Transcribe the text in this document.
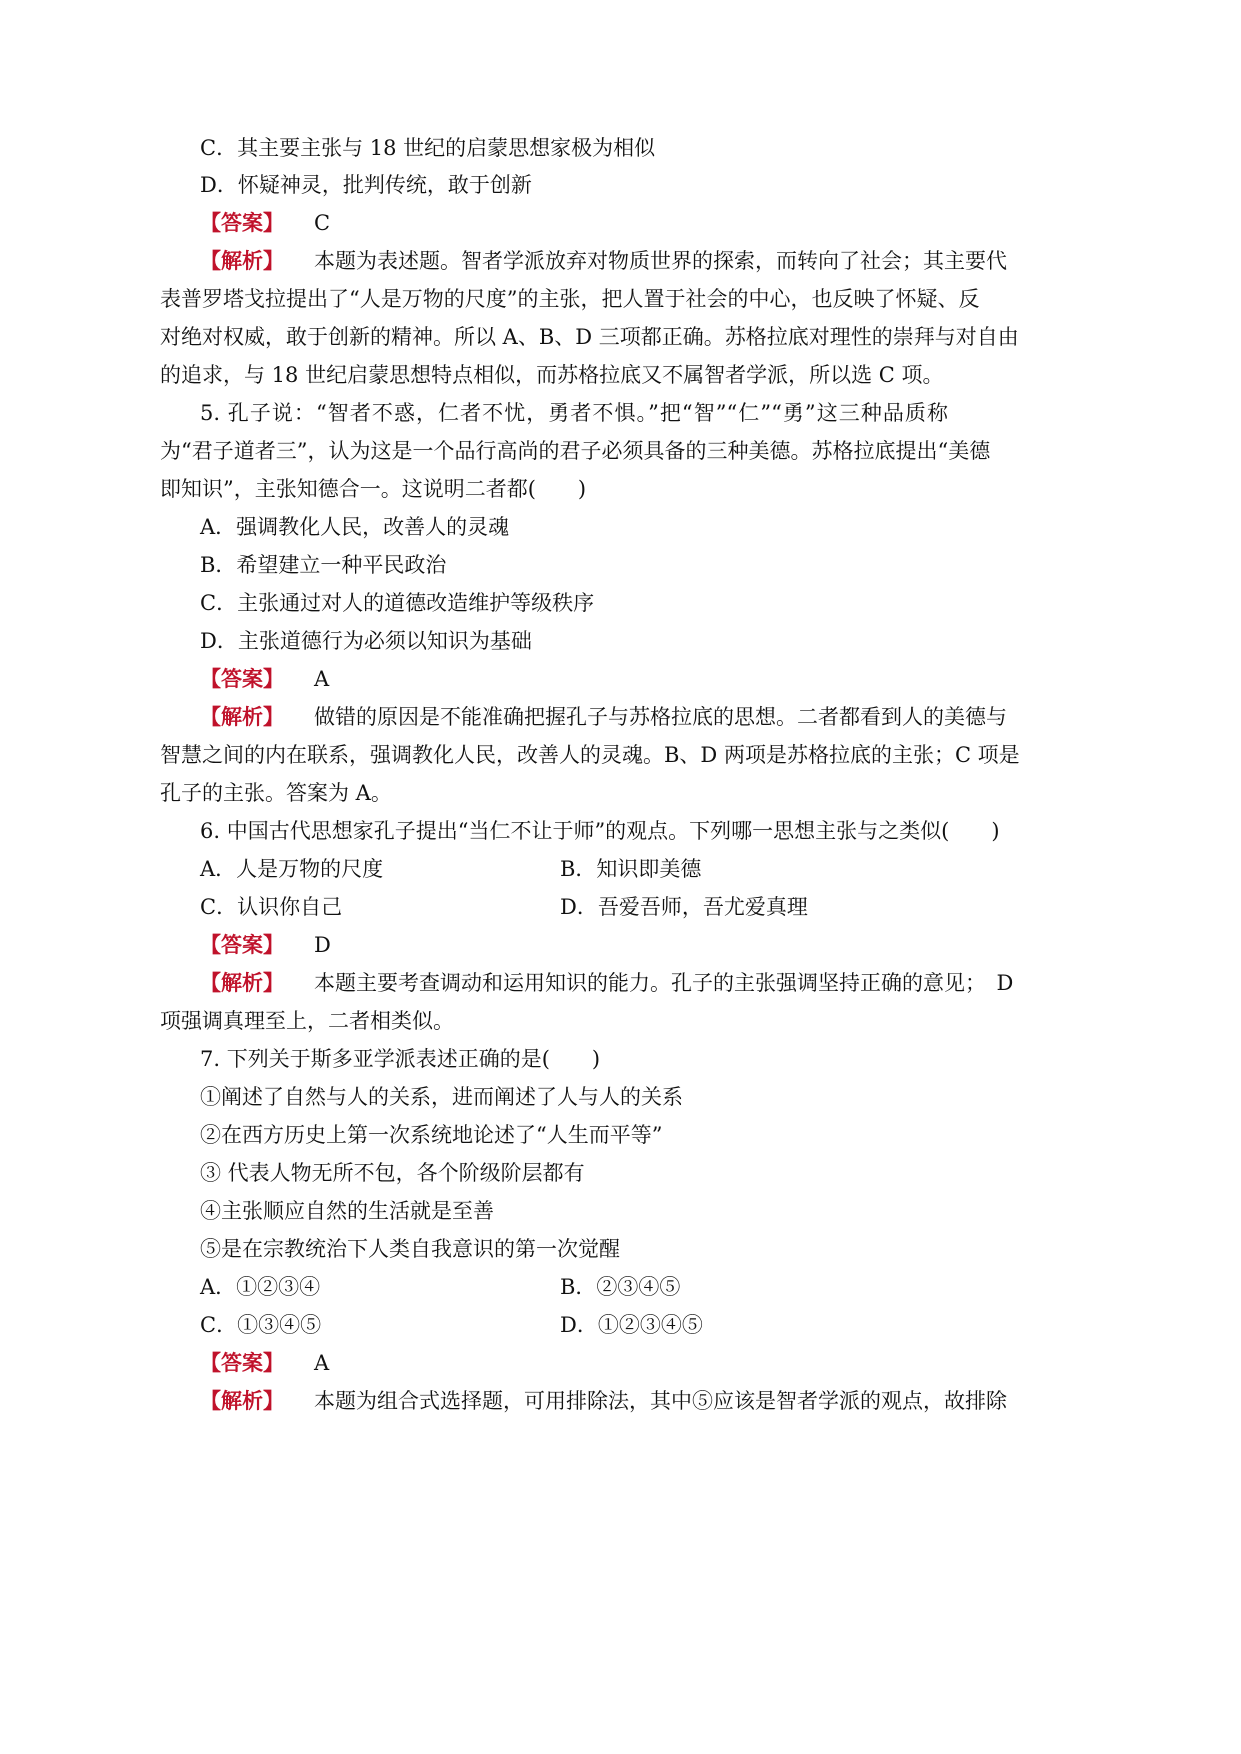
C．其主要主张与 18 世纪的启蒙思想家极为相似
D．怀疑神灵，批判传统，敢于创新
【答案】 C
【解析】 本题为表述题。智者学派放弃对物质世界的探索，而转向了社会；其主要代
表普罗塔戈拉提出了“人是万物的尺度”的主张，把人置于社会的中心，也反映了怀疑、反
对绝对权威，敢于创新的精神。所以 A、B、D 三项都正确。苏格拉底对理性的崇拜与对自由
的追求，与 18 世纪启蒙思想特点相似，而苏格拉底又不属智者学派，所以选 C 项。
5. 孔子说：“智者不惑，仁者不忧，勇者不惧。”把“智”“仁”“勇”这三种品质称
为“君子道者三”，认为这是一个品行高尚的君子必须具备的三种美德。苏格拉底提出“美德
即知识”，主张知德合一。这说明二者都(　　)
A．强调教化人民，改善人的灵魂
B．希望建立一种平民政治
C．主张通过对人的道德改造维护等级秩序
D．主张道德行为必须以知识为基础
【答案】 A
【解析】 做错的原因是不能准确把握孔子与苏格拉底的思想。二者都看到人的美德与
智慧之间的内在联系，强调教化人民，改善人的灵魂。B、D 两项是苏格拉底的主张；C 项是
孔子的主张。答案为 A。
6. 中国古代思想家孔子提出“当仁不让于师”的观点。下列哪一思想主张与之类似(　　)
A．人是万物的尺度	B．知识即美德
C．认识你自己	D．吾爱吾师，吾尤爱真理
【答案】 D
【解析】 本题主要考查调动和运用知识的能力。孔子的主张强调坚持正确的意见；　D
项强调真理至上，二者相类似。
7. 下列关于斯多亚学派表述正确的是(　　)
①阐述了自然与人的关系，进而阐述了人与人的关系
②在西方历史上第一次系统地论述了“人生而平等”
③ 代表人物无所不包，各个阶级阶层都有
④主张顺应自然的生活就是至善
⑤是在宗教统治下人类自我意识的第一次觉醒
A．①②③④	B．②③④⑤
C．①③④⑤	D．①②③④⑤
【答案】 A
【解析】 本题为组合式选择题，可用排除法，其中⑤应该是智者学派的观点，故排除
